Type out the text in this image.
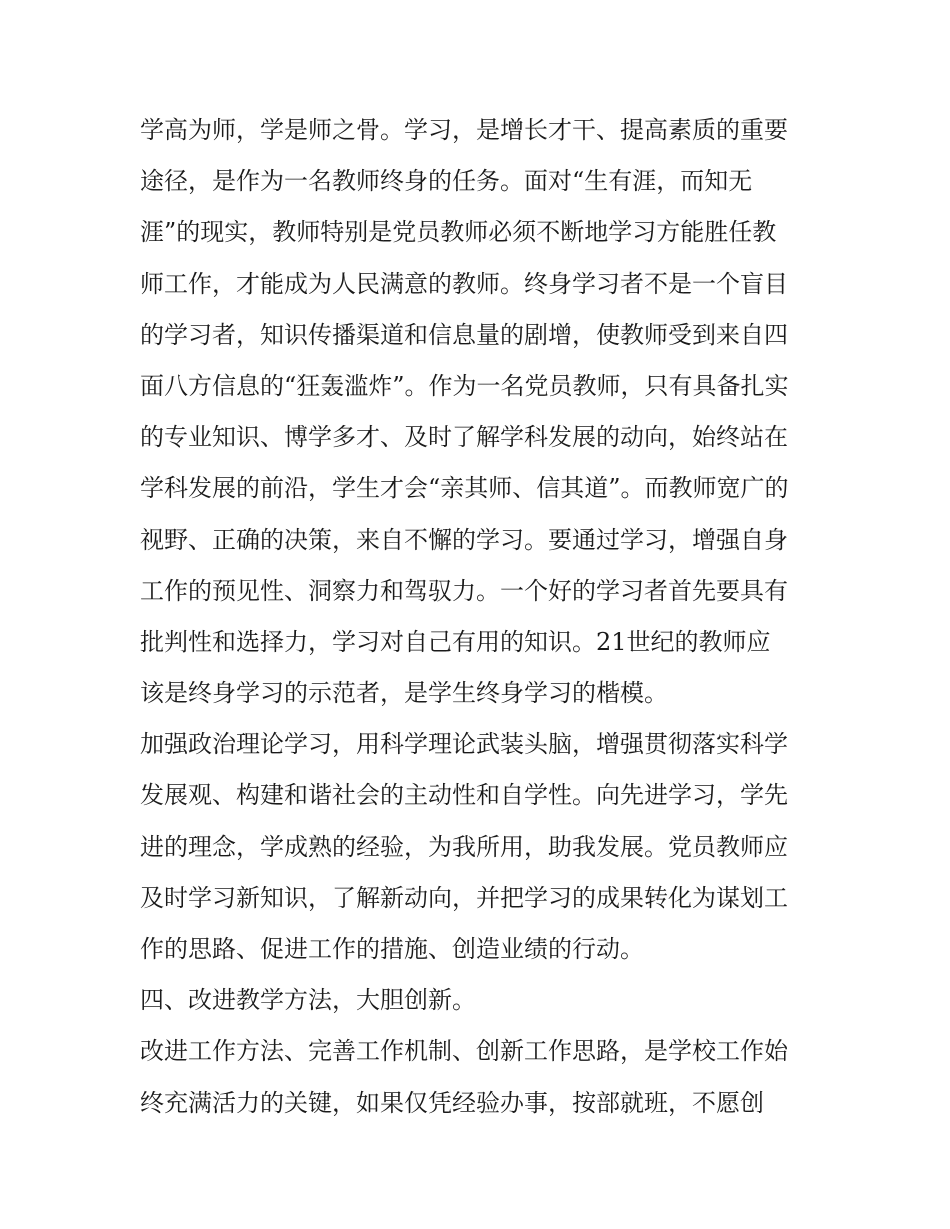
学高为师，学是师之骨。学习，是增长才干、提高素质的重要
途径，是作为一名教师终身的任务。面对“生有涯，而知无
涯”的现实，教师特别是党员教师必须不断地学习方能胜任教
师工作，才能成为人民满意的教师。终身学习者不是一个盲目
的学习者，知识传播渠道和信息量的剧增，使教师受到来自四
面八方信息的“狂轰滥炸”。作为一名党员教师，只有具备扎实
的专业知识、博学多才、及时了解学科发展的动向，始终站在
学科发展的前沿，学生才会“亲其师、信其道”。而教师宽广的
视野、正确的决策，来自不懈的学习。要通过学习，增强自身
工作的预见性、洞察力和驾驭力。一个好的学习者首先要具有
批判性和选择力，学习对自己有用的知识。21世纪的教师应
该是终身学习的示范者，是学生终身学习的楷模。
加强政治理论学习，用科学理论武装头脑，增强贯彻落实科学
发展观、构建和谐社会的主动性和自学性。向先进学习，学先
进的理念，学成熟的经验，为我所用，助我发展。党员教师应
及时学习新知识，了解新动向，并把学习的成果转化为谋划工
作的思路、促进工作的措施、创造业绩的行动。
四、改进教学方法，大胆创新。
改进工作方法、完善工作机制、创新工作思路，是学校工作始
终充满活力的关键，如果仅凭经验办事，按部就班，不愿创
